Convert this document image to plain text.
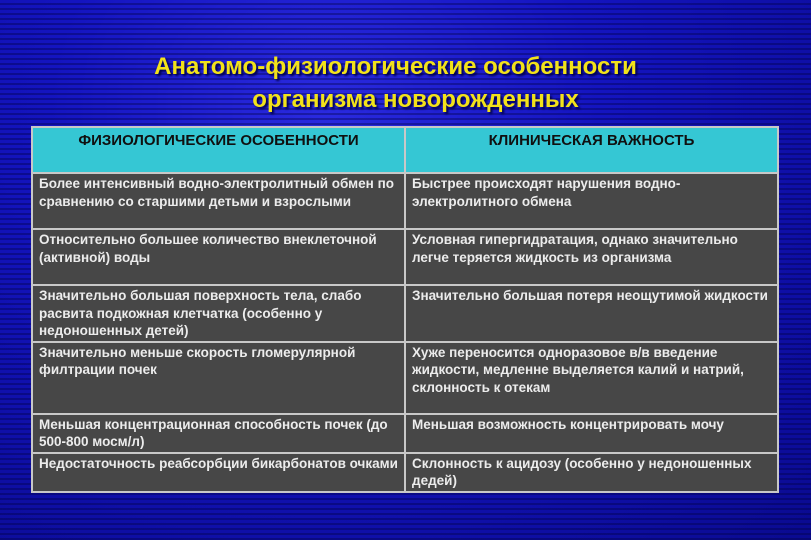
Анатомо-физиологические особенности
организма новорожденных
ФИЗИОЛОГИЧЕСКИЕ ОСОБЕННОСТИ	КЛИНИЧЕСКАЯ ВАЖНОСТЬ
Более интенсивный водно-электролитный обмен по сравнению со старшими детьми и взрослыми	Быстрее происходят нарушения водно-электролитного обмена
Относительно большее количество внеклеточной (активной) воды	Условная гипергидратация, однако значительно легче теряется жидкость из организма
Значительно большая поверхность тела, слабо расвита подкожная клетчатка (особенно у недоношенных детей)	Значительно большая потеря неощутимой жидкости
Значительно меньше скорость гломерулярной филтрации почек	Хуже переносится одноразовое в/в введение жидкости, медленне выделяется калий и натрий, склонность к отекам
Меньшая концентрационная способность почек (до 500-800 мосм/л)	Меньшая возможность концентрировать мочу
Недостаточность реабсорбции бикарбонатов очками	Склонность к ацидозу (особенно у недоношенных дедей)
